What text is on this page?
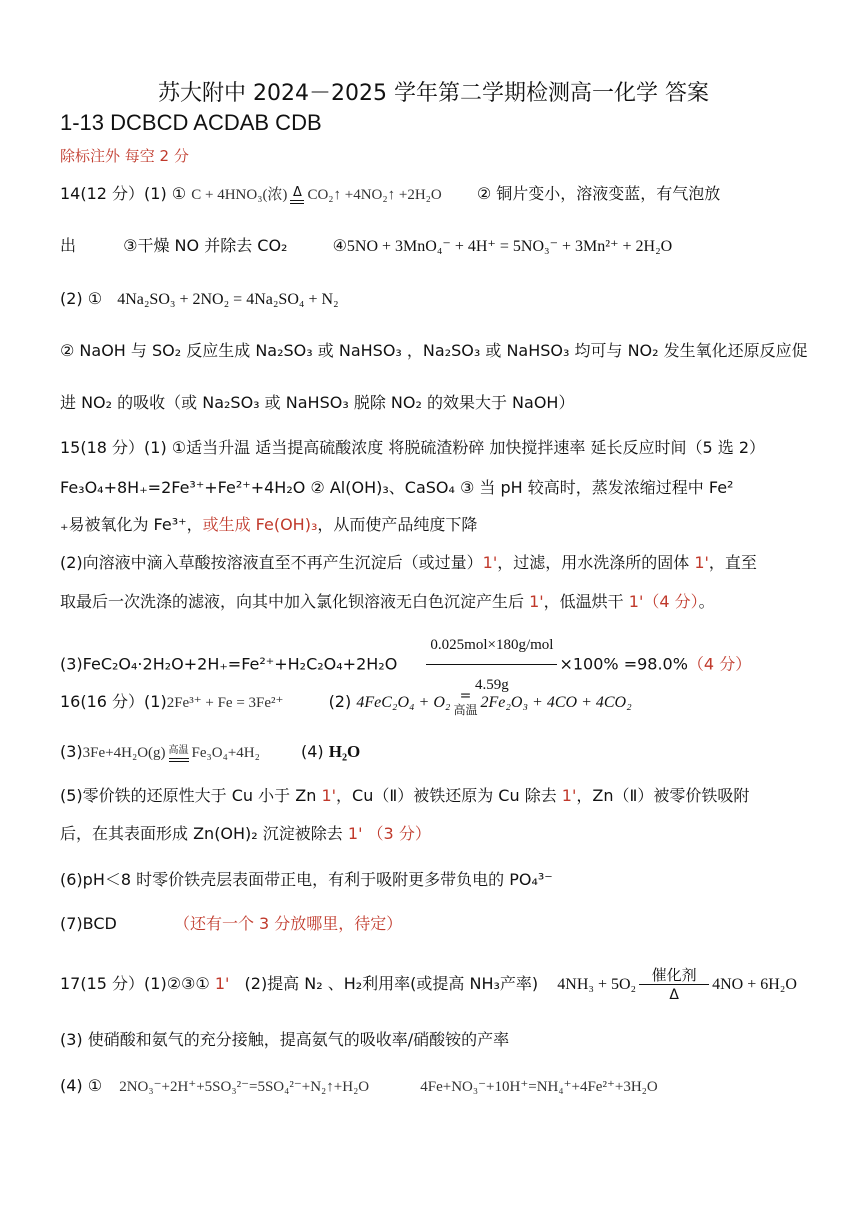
苏大附中 2024－2025 学年第二学期检测高一化学 答案
1-13 DCBCD ACDAB CDB
除标注外 每空 2 分
14(12 分）(1) ① C + 4HNO₃(浓) Δ CO₂↑ +4NO₂↑ +2H₂O ② 铜片变小，溶液变蓝，有气泡放
出	③干燥 NO 并除去 CO₂	④5NO + 3MnO₄⁻ + 4H⁺ = 5NO₃⁻ + 3Mn²⁺ + 2H₂O
(2) ① 4Na₂SO₃ + 2NO₂ = 4Na₂SO₄ + N₂
② NaOH 与 SO₂ 反应生成 Na₂SO₃ 或 NaHSO₃ ，Na₂SO₃ 或 NaHSO₃ 均可与 NO₂ 发生氧化还原反应促
进 NO₂ 的吸收（或 Na₂SO₃ 或 NaHSO₃ 脱除 NO₂ 的效果大于 NaOH）
15(18 分）(1) ①适当升温 适当提高硫酸浓度 将脱硫渣粉碎 加快搅拌速率 延长反应时间（5 选 2）
Fe₃O₄+8H₊=2Fe³⁺+Fe²⁺+4H₂O ② Al(OH)₃、CaSO₄ ③ 当 pH 较高时，蒸发浓缩过程中 Fe²
₊易被氧化为 Fe³⁺，或生成 Fe(OH)₃，从而使产品纯度下降
(2)向溶液中滴入草酸按溶液直至不再产生沉淀后（或过量）1'，过滤，用水洗涤所的固体 1'，直至
取最后一次洗涤的滤液，向其中加入氯化钡溶液无白色沉淀产生后 1'，低温烘干 1'（4 分）。
$(3)FeC_2O_4\cdot 2H_2O+2H_+=Fe^{2+}+H_2C_2O_4+2H_2O \frac{\text{0.025mol×180g/mol}}{4.59g} \times 100\% =98.0\%(4$ 分）
16(16 分）(1)2Fe³⁺ + Fe = 3Fe²⁺	(2) 4FeC₂O₄ + O₂ =
高温 2Fe₂O₃ + 4CO + 4CO₂
(3)3Fe+4H₂O(g) 高温 Fe₃O₄+4H₂	(4) H₂O
(5)零价铁的还原性大于 Cu 小于 Zn 1'，Cu（Ⅱ）被铁还原为 Cu 除去 1'，Zn（Ⅱ）被零价铁吸附
后，在其表面形成 Zn(OH)₂ 沉淀被除去 1' （3 分）
(6)pH＜8 时零价铁壳层表面带正电，有利于吸附更多带负电的 PO₄³⁻
(7)BCD	（还有一个 3 分放哪里，待定）
17(15 分）(1)②③① 1' (2)提高 N₂ 、H₂利用率(或提高 NH₃产率) 4NH₃ + 5O₂
催化剂
Δ
4NO + 6H₂O
(3) 使硝酸和氨气的充分接触，提高氨气的吸收率/硝酸铵的产率
(4) ① 2NO₃⁻+2H⁺+5SO₃²⁻=5SO₄²⁻+N₂↑+H₂O	4Fe+NO₃⁻+10H⁺=NH₄⁺+4Fe²⁺+3H₂O
